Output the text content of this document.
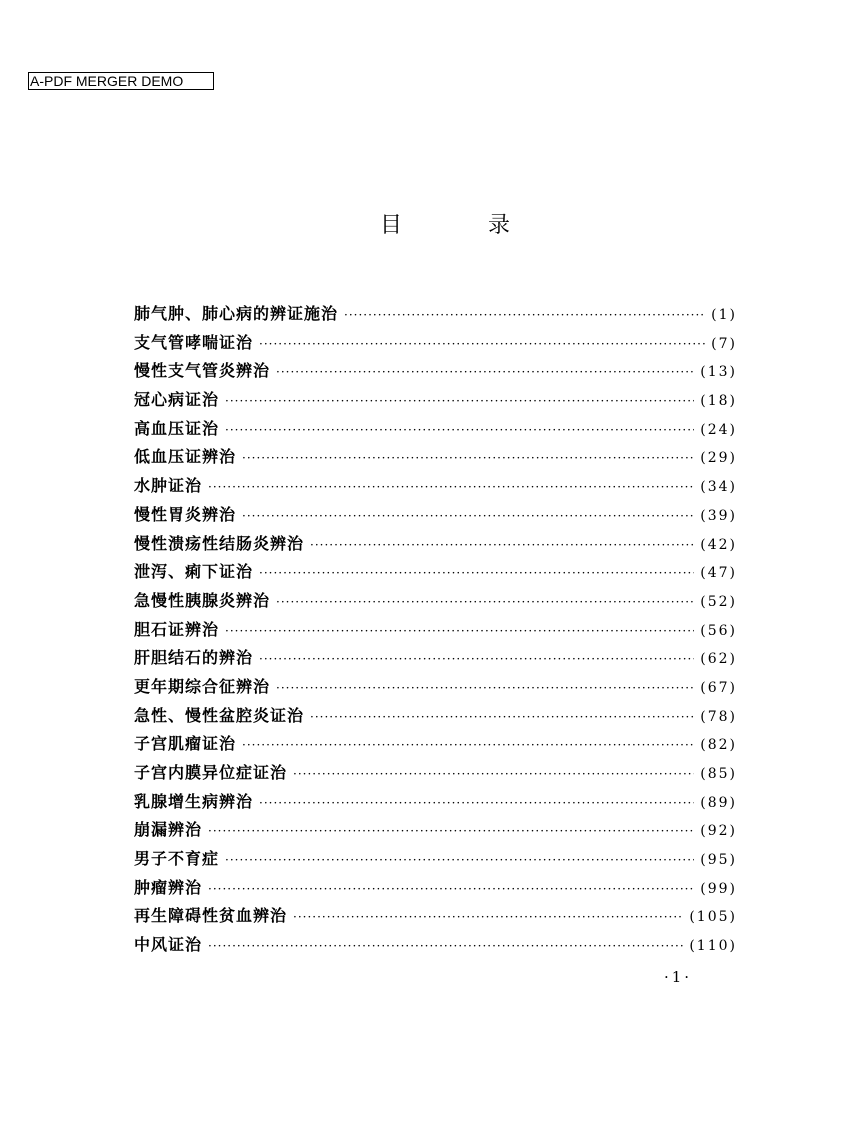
A-PDF MERGER DEMO
目	录
肺气肿、肺心病的辨证施治 ·····	(1)
支气管哮喘证治 ·····	(7)
慢性支气管炎辨治 ·····	(13)
冠心病证治 ·····	(18)
高血压证治 ·····	(24)
低血压证辨治 ·····	(29)
水肿证治 ·····	(34)
慢性胃炎辨治 ·····	(39)
慢性溃疡性结肠炎辨治 ·····	(42)
泄泻、痢下证治 ·····	(47)
急慢性胰腺炎辨治 ·····	(52)
胆石证辨治 ·····	(56)
肝胆结石的辨治 ·····	(62)
更年期综合征辨治 ·····	(67)
急性、慢性盆腔炎证治 ·····	(78)
子宫肌瘤证治 ·····	(82)
子宫内膜异位症证治 ·····	(85)
乳腺增生病辨治 ·····	(89)
崩漏辨治 ·····	(92)
男子不育症 ·····	(95)
肿瘤辨治 ·····	(99)
再生障碍性贫血辨治 ·····	(105)
中风证治 ·····	(110)
·1·
